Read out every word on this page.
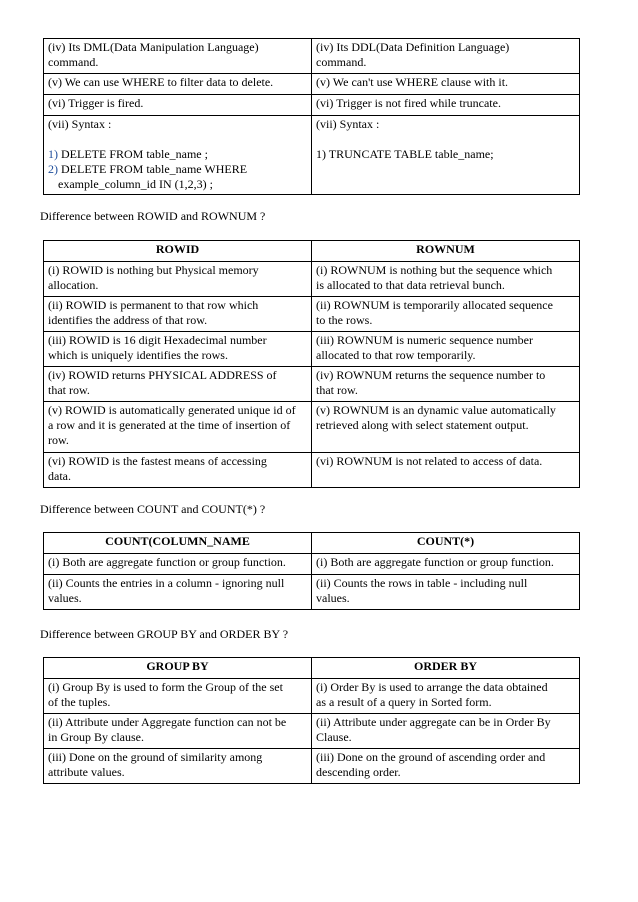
(iv) Its DML(Data Manipulation Language)
command.	(iv) Its DDL(Data Definition Language)
command.
(v) We can use WHERE to filter data to delete.	(v) We can't use WHERE clause with it.
(vi) Trigger is fired.	(vi) Trigger is not fired while truncate.

(vii) Syntax :

1) DELETE FROM table_name ;
2) DELETE FROM table_name WHERE
example_column_id IN (1,2,3) ;	(vii) Syntax :

1) TRUNCATE TABLE table_name;
Difference between ROWID and ROWNUM ?
ROWID	ROWNUM
(i) ROWID is nothing but Physical memory
allocation.	(i) ROWNUM is nothing but the sequence which
is allocated to that data retrieval bunch.
(ii) ROWID is permanent to that row which
identifies the address of that row.	(ii) ROWNUM is temporarily allocated sequence
to the rows.
(iii) ROWID is 16 digit Hexadecimal number
which is uniquely identifies the rows.	(iii) ROWNUM is numeric sequence number
allocated to that row temporarily.
(iv) ROWID returns PHYSICAL ADDRESS of
that row.	(iv) ROWNUM returns the sequence number to
that row.
(v) ROWID is automatically generated unique id of
a row and it is generated at the time of insertion of
row.	(v) ROWNUM is an dynamic value automatically
retrieved along with select statement output.
(vi) ROWID is the fastest means of accessing
data.	(vi) ROWNUM is not related to access of data.
Difference between COUNT and COUNT(*) ?
COUNT(COLUMN_NAME	COUNT(*)
(i) Both are aggregate function or group function.	(i) Both are aggregate function or group function.
(ii) Counts the entries in a column - ignoring null
values.	(ii) Counts the rows in table - including null
values.
Difference between GROUP BY and ORDER BY ?
GROUP BY	ORDER BY
(i) Group By is used to form the Group of the set
of the tuples.	(i) Order By is used to arrange the data obtained
as a result of a query in Sorted form.
(ii) Attribute under Aggregate function can not be
in Group By clause.	(ii) Attribute under aggregate can be in Order By
Clause.
(iii) Done on the ground of similarity among
attribute values.	(iii) Done on the ground of ascending order and
descending order.
